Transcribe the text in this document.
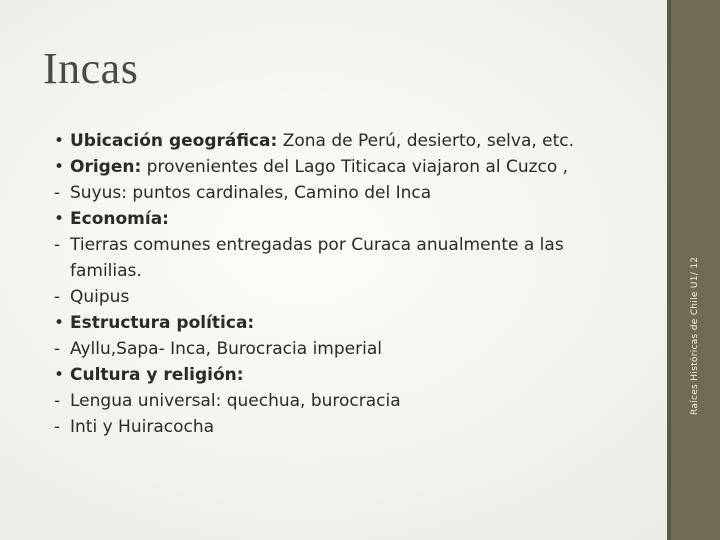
Incas
• Ubicación geográfica: Zona de Perú, desierto, selva, etc.
• Origen: provenientes del Lago Titicaca viajaron al Cuzco ,
- Suyus: puntos cardinales, Camino del Inca
• Economía:
- Tierras comunes entregadas por Curaca anualmente a las familias.
- Quipus
• Estructura política:
- Ayllu,Sapa- Inca, Burocracia imperial
• Cultura y religión:
- Lengua universal: quechua, burocracia
- Inti y Huiracocha
Raíces Históricas de Chile U1/ 12
